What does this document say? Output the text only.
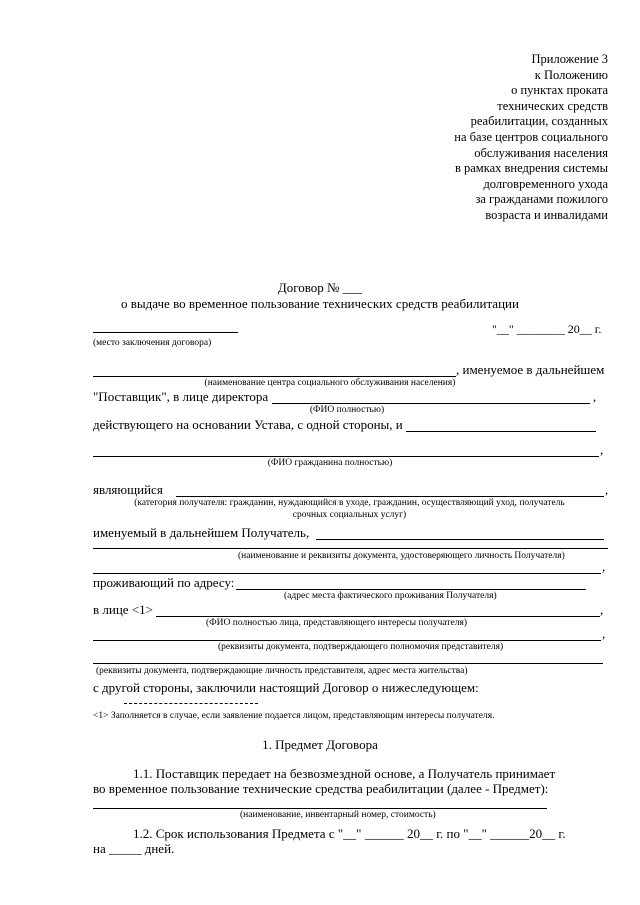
Приложение 3
к Положению
о пунктах проката
технических средств
реабилитации, созданных
на базе центров социального
обслуживания населения
в рамках внедрения системы
долговременного ухода
за гражданами пожилого
возраста и инвалидами
Договор № ___
о выдаче во временное пользование технических средств реабилитации
"__" ________ 20__ г.
(место заключения договора)
, именуемое в дальнейшем
(наименование центра социального обслуживания населения)
"Поставщик", в лице директора	,
(ФИО полностью)
действующего на основании Устава, с одной стороны, и
,
(ФИО гражданина полностью)
являющийся	,
(категория получателя: гражданин, нуждающийся в уходе, гражданин, осуществляющий уход, получатель
срочных социальных услуг)
именуемый в дальнейшем Получатель,
(наименование и реквизиты документа, удостоверяющего личность Получателя)
,
проживающий по адресу:
(адрес места фактического проживания Получателя)
в лице <1>	,
(ФИО полностью лица, представляющего интересы получателя)
,
(реквизиты документа, подтверждающего полномочия представителя)
(реквизиты документа, подтверждающие личность представителя, адрес места жительства)
с другой стороны, заключили настоящий Договор о нижеследующем:
<1> Заполняется в случае, если заявление подается лицом, представляющим интересы получателя.
1. Предмет Договора
1.1. Поставщик передает на безвозмездной основе, а Получатель принимает
во временное пользование технические средства реабилитации (далее - Предмет):
(наименование, инвентарный номер, стоимость)
1.2. Срок использования Предмета с "__" ______ 20__ г. по "__" ______20__ г.
на _____ дней.
